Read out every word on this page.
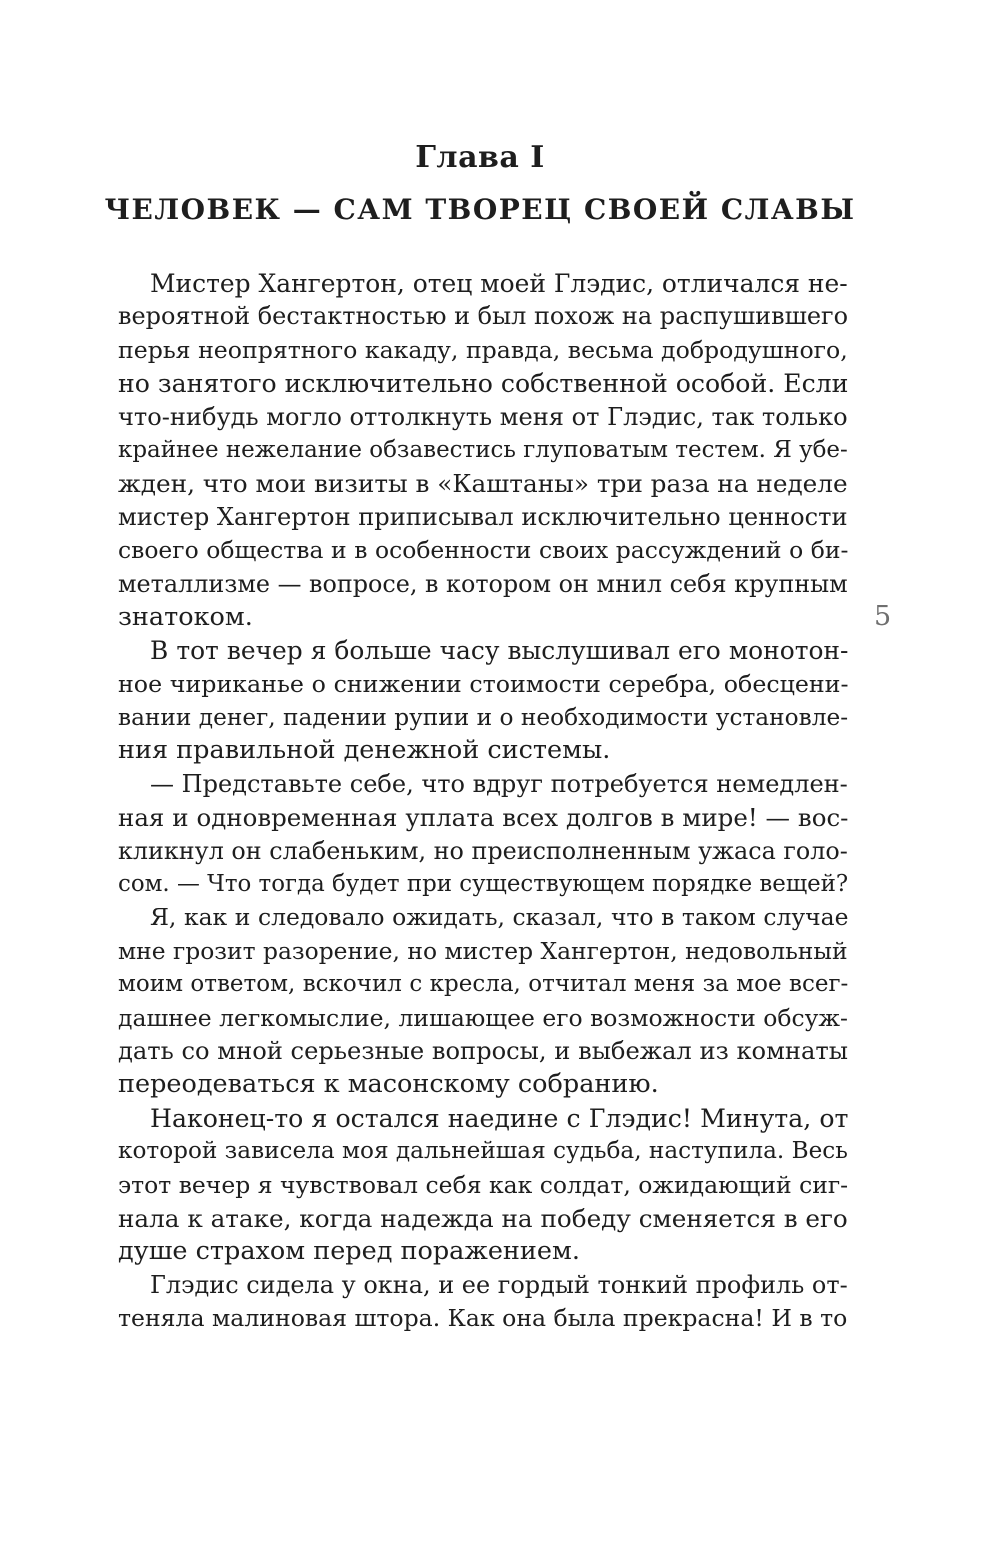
Глава I
ЧЕЛОВЕК — САМ ТВОРЕЦ СВОЕЙ СЛАВЫ
Мистер Хангертон, отец моей Глэдис, отличался не-
вероятной бестактностью и был похож на распушившего
перья неопрятного какаду, правда, весьма добродушного,
но занятого исключительно собственной особой. Если
что-нибудь могло оттолкнуть меня от Глэдис, так только
крайнее нежелание обзавестись глуповатым тестем. Я убе-
жден, что мои визиты в «Каштаны» три раза на неделе
мистер Хангертон приписывал исключительно ценности
своего общества и в особенности своих рассуждений о би-
металлизме — вопросе, в котором он мнил себя крупным
знатоком.
В тот вечер я больше часу выслушивал его монотон-
ное чириканье о снижении стоимости серебра, обесцени-
вании денег, падении рупии и о необходимости установле-
ния правильной денежной системы.
— Представьте себе, что вдруг потребуется немедлен-
ная и одновременная уплата всех долгов в мире! — вос-
кликнул он слабеньким, но преисполненным ужаса голо-
сом. — Что тогда будет при существующем порядке вещей?
Я, как и следовало ожидать, сказал, что в таком случае
мне грозит разорение, но мистер Хангертон, недовольный
моим ответом, вскочил с кресла, отчитал меня за мое всег-
дашнее легкомыслие, лишающее его возможности обсуж-
дать со мной серьезные вопросы, и выбежал из комнаты
переодеваться к масонскому собранию.
Наконец-то я остался наедине с Глэдис! Минута, от
которой зависела моя дальнейшая судьба, наступила. Весь
этот вечер я чувствовал себя как солдат, ожидающий сиг-
нала к атаке, когда надежда на победу сменяется в его
душе страхом перед поражением.
Глэдис сидела у окна, и ее гордый тонкий профиль от-
теняла малиновая штора. Как она была прекрасна! И в то
5
